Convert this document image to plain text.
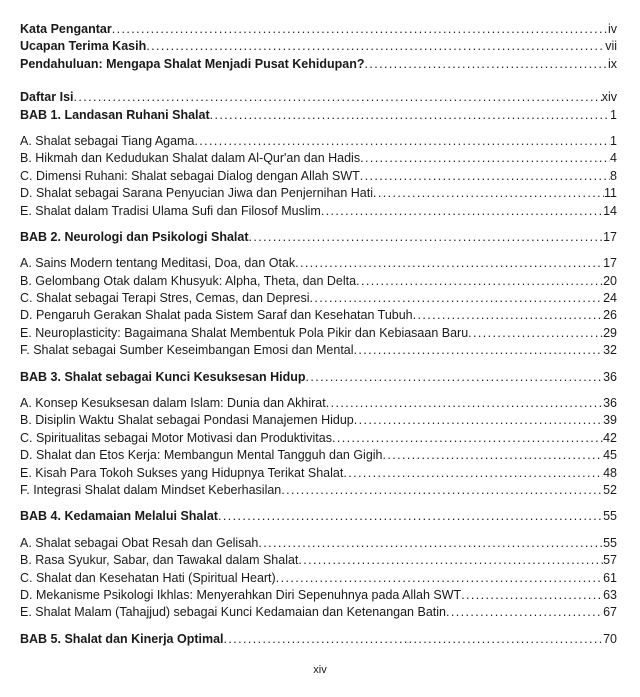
Kata Pengantar .....	iv
Ucapan Terima Kasih .....	vii
Pendahuluan: Mengapa Shalat Menjadi Pusat Kehidupan? .....	ix
Daftar Isi .....	xiv
BAB 1. Landasan Ruhani Shalat .....	1
A. Shalat sebagai Tiang Agama .....	1
B. Hikmah dan Kedudukan Shalat dalam Al-Qur'an dan Hadis .....	4
C. Dimensi Ruhani: Shalat sebagai Dialog dengan Allah SWT .....	8
D. Shalat sebagai Sarana Penyucian Jiwa dan Penjernihan Hati .....	11
E. Shalat dalam Tradisi Ulama Sufi dan Filosof Muslim .....	14
BAB 2. Neurologi dan Psikologi Shalat .....	17
A. Sains Modern tentang Meditasi, Doa, dan Otak .....	17
B. Gelombang Otak dalam Khusyuk: Alpha, Theta, dan Delta .....	20
C. Shalat sebagai Terapi Stres, Cemas, dan Depresi .....	24
D. Pengaruh Gerakan Shalat pada Sistem Saraf dan Kesehatan Tubuh .....	26
E. Neuroplasticity: Bagaimana Shalat Membentuk Pola Pikir dan Kebiasaan Baru .....	29
F. Shalat sebagai Sumber Keseimbangan Emosi dan Mental .....	32
BAB 3. Shalat sebagai Kunci Kesuksesan Hidup .....	36
A. Konsep Kesuksesan dalam Islam: Dunia dan Akhirat .....	36
B. Disiplin Waktu Shalat sebagai Pondasi Manajemen Hidup .....	39
C. Spiritualitas sebagai Motor Motivasi dan Produktivitas .....	42
D. Shalat dan Etos Kerja: Membangun Mental Tangguh dan Gigih .....	45
E. Kisah Para Tokoh Sukses yang Hidupnya Terikat Shalat .....	48
F. Integrasi Shalat dalam Mindset Keberhasilan .....	52
BAB 4. Kedamaian Melalui Shalat .....	55
A. Shalat sebagai Obat Resah dan Gelisah .....	55
B. Rasa Syukur, Sabar, dan Tawakal dalam Shalat .....	57
C. Shalat dan Kesehatan Hati (Spiritual Heart) .....	61
D. Mekanisme Psikologi Ikhlas: Menyerahkan Diri Sepenuhnya pada Allah SWT .....	63
E. Shalat Malam (Tahajjud) sebagai Kunci Kedamaian dan Ketenangan Batin .....	67
BAB 5. Shalat dan Kinerja Optimal .....	70
xiv
